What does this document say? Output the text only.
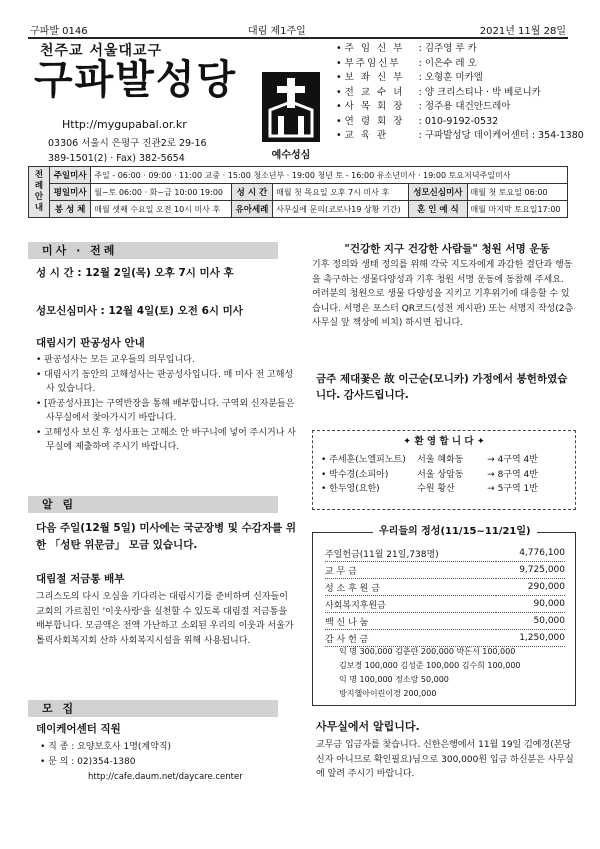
구파발 0146	대림 제1주일	2021년 11월 28일
천주교 서울대교구
구파발성당
Http://mygupabal.or.kr
03306 서울시 은평구 진관2로 29-16
389-1501(2) · Fax) 382-5654	예수성심
• 주 임 신 부 : 김주영 루 카
• 부주임신부 : 이은수 레 오
• 보 좌 신 부 : 오형훈 미카엘
• 전 교 수 녀 : 양 크리스티나 · 박 베로니카
• 사 목 회 장 : 정주용 대건안드레아
• 연 령 회 장 : 010-9192-0532
• 교 육 관	: 구파발성당 데이케어센터 : 354-1380
전례 안내	주일미사	주일 - 06:00 · 09:00 · 11:00 교중 · 15:00 청소년부 · 19:00 청년 토 - 16:00 유소년미사 · 19:00 토요저녁주일미사				
	평일미사	월~토 06:00 · 화~금 10:00 19:00	성 시 간	매월 첫 목요일 오후 7시 미사 후	성모신심미사	매월 첫 토요일 06:00
	봉 성 체	매월 셋째 수요일 오전 10시 미사 후	유아세례	사무실에 문의(코로나19 상황 기간)	혼 인 예 식	매월 마지막 토요일17:00
미사 · 전례
성 시 간 : 12월 2일(목) 오후 7시 미사 후
성모신심미사 : 12월 4일(토) 오전 6시 미사
대림시기 판공성사 안내
• 판공성사는 모든 교우들의 의무입니다.
• 대림시기 동안의 고해성사는 판공성사입니다. 매 미사 전 고해성사 있습니다.
• [판공성사표]는 구역반장을 통해 배부합니다. 구역외 신자분들은 사무실에서 찾아가시기 바랍니다.
• 고해성사 보신 후 성사표는 고해소 안 바구니에 넣어 주시거나 사무실에 제출하여 주시기 바랍니다.
알 림
다음 주일(12월 5일) 미사에는 국군장병 및 수감자를 위한 「성탄 위문금」 모금 있습니다.
대림절 저금통 배부
그리스도의 다시 오심을 기다리는 대림시기를 준비하며 신자들이 교회의 가르침인 '이웃사랑'을 실천할 수 있도록 대림절 저금통을 배부합니다. 모금액은 전액 가난하고 소외된 우리의 이웃과 서울가톨릭사회복지회 산하 사회복지시설을 위해 사용됩니다.
모 집
데이케어센터 직원
• 직 종 : 요양보호사 1명(계약직)
• 문 의 : 02)354-1380
http://cafe.daum.net/daycare.center
"건강한 지구 건강한 사람들" 청원 서명 운동
기후 정의와 생태 정의를 위해 각국 지도자에게 과감한 결단과 행동을 촉구하는 생물다양성과 기후 청원 서명 운동에 동참해 주세요. 여러분의 청원으로 생물 다양성을 지키고 기후위기에 대응할 수 있습니다. 서명은 포스터 QR코드(성전 게시판) 또는 서명지 작성(2층 사무실 앞 책상에 비치) 하시면 됩니다.
금주 제대꽃은 故 이근순(모니카) 가정에서 봉헌하였습니다. 감사드립니다.
✦ 환 영 합 니 다 ✦
• 주세훈(노엘피노트) 서울 혜화동	→ 4구역 4반
• 박수경(소피아)	서울 상암동	→ 8구역 4반
• 한두영(요한)	수원 황산	→ 5구역 1반
우리들의 정성(11/15~11/21일)
주일헌금(11월 21일,738명)	4,776,100
교 무 금	9,725,000
성 소 후 원 금	290,000
사회복지후원금	90,000
백 신 나 눔	50,000
감 사 헌 금	1,250,000
익 명 300,000 김춘란 200,000 박돈서 100,000
김보경 100,000 김성준 100,000 김수희 100,000
익 명 100,000 정소랑 50,000
방지헬아이린이경 200,000
사무실에서 알립니다.
교무금 입금자를 찾습니다. 신한은행에서 11월 19일 김예경(본당신자 아니므로 확인필요)님으로 300,000원 입금 하신분은 사무실에 알려 주시기 바랍니다.
